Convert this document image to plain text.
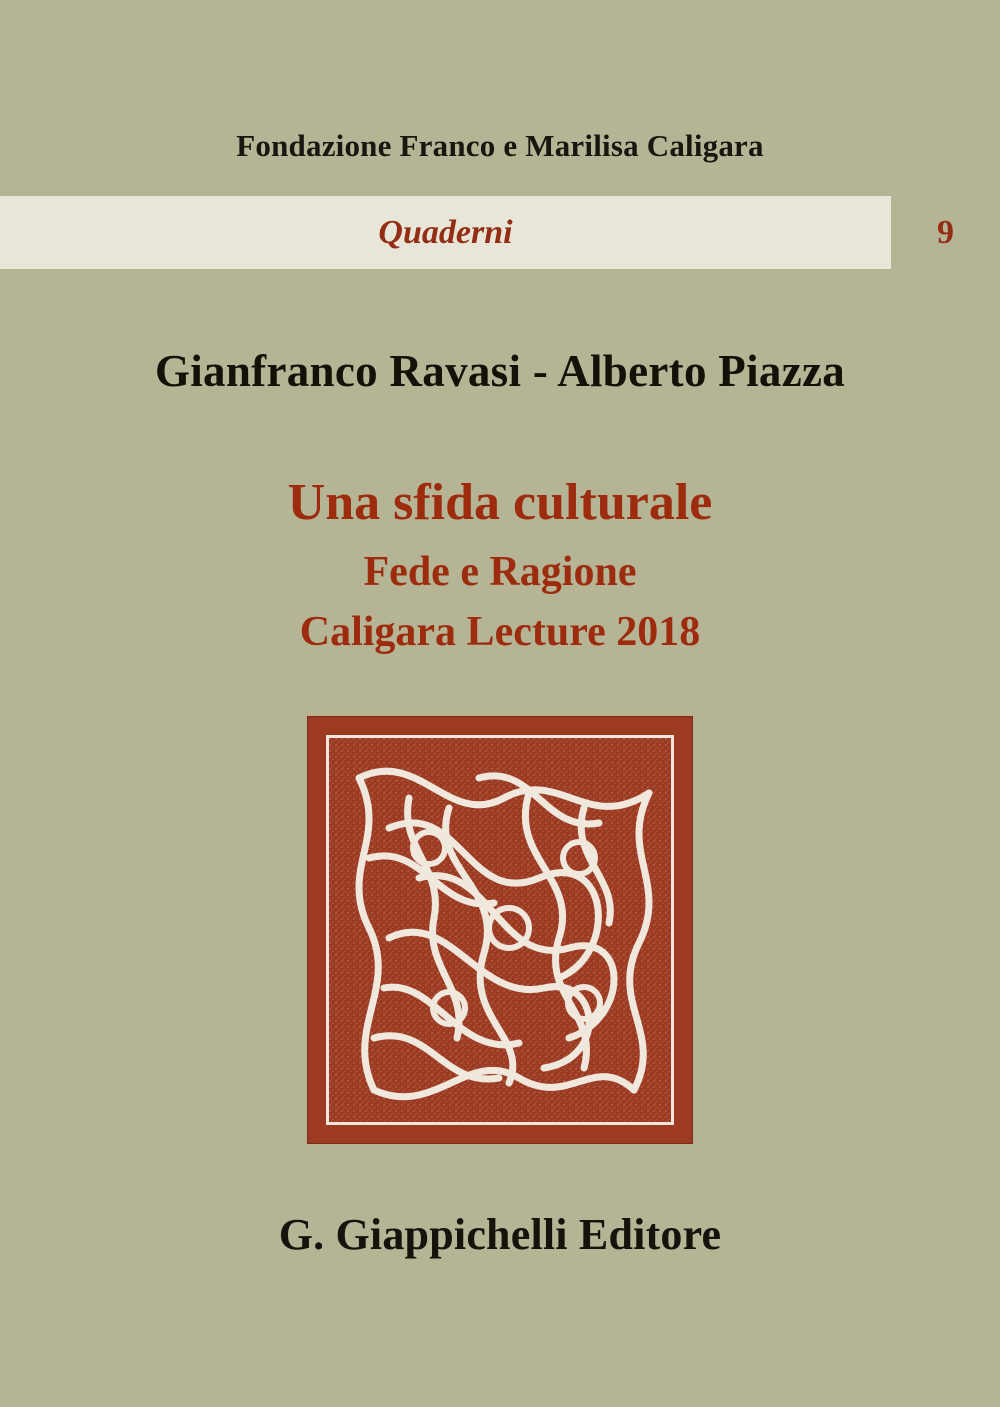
Fondazione Franco e Marilisa Caligara
Quaderni	9
Gianfranco Ravasi - Alberto Piazza
Una sfida culturale
Fede e Ragione
Caligara Lecture 2018
G. Giappichelli Editore
